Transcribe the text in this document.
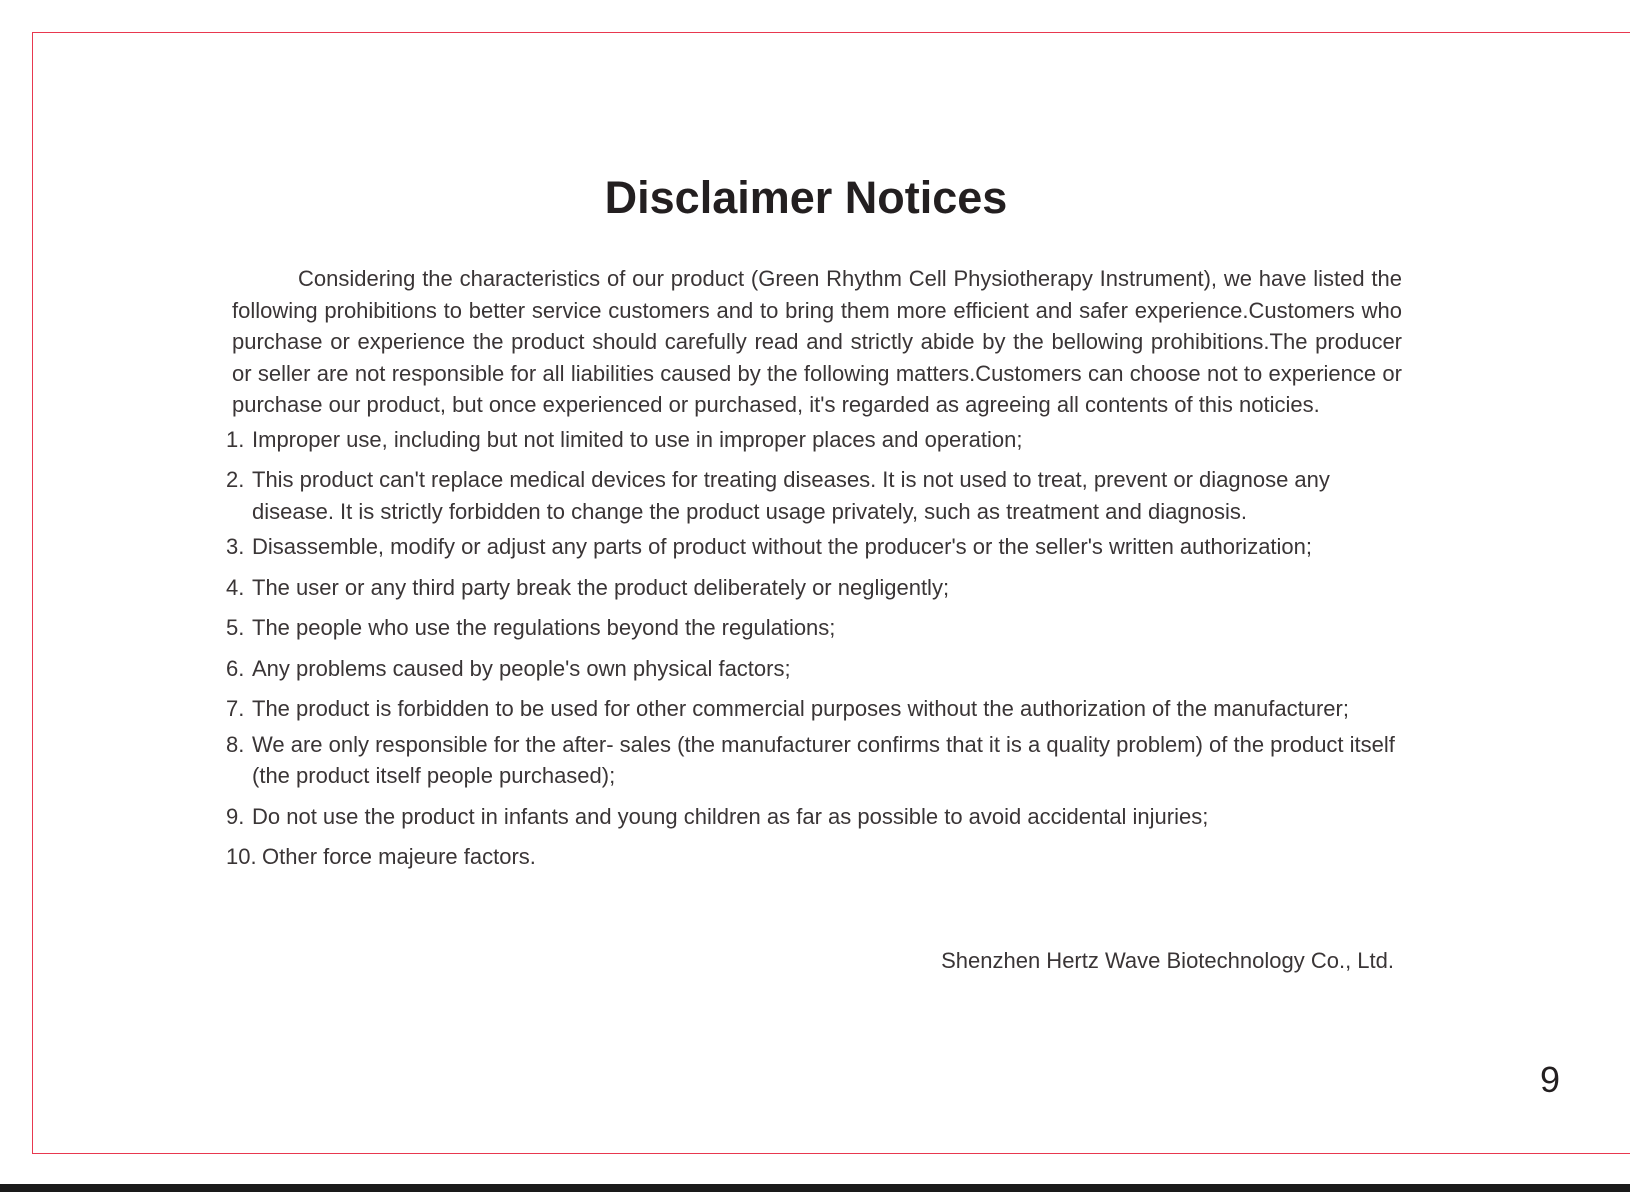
Disclaimer Notices

Considering the characteristics of our product (Green Rhythm Cell Physiotherapy Instrument), we have listed the following prohibitions to better service customers and to bring them more efficient and safer experience.Customers who purchase or experience the product should carefully read and strictly abide by the bellowing prohibitions.The producer or seller are not responsible for all liabilities caused by the following matters.Customers can choose not to experience or purchase our product, but once experienced or purchased, it's regarded as agreeing all contents of this noticies.

1. Improper use, including but not limited to use in improper places and operation;
2. This product can't replace medical devices for treating diseases. It is not used to treat, prevent or diagnose any disease. It is strictly forbidden to change the product usage privately, such as treatment and diagnosis.
3. Disassemble, modify or adjust any parts of product without the producer's or the seller's written authorization;
4. The user or any third party break the product deliberately or negligently;
5. The people who use the regulations beyond the regulations;
6. Any problems caused by people's own physical factors;
7. The product is forbidden to be used for other commercial purposes without the authorization of the manufacturer;
8. We are only responsible for the after- sales (the manufacturer confirms that it is a quality problem) of the product itself (the product itself people purchased);
9. Do not use the product in infants and young children as far as possible to avoid accidental injuries;
10. Other force majeure factors.
Shenzhen Hertz Wave Biotechnology Co., Ltd.
9
